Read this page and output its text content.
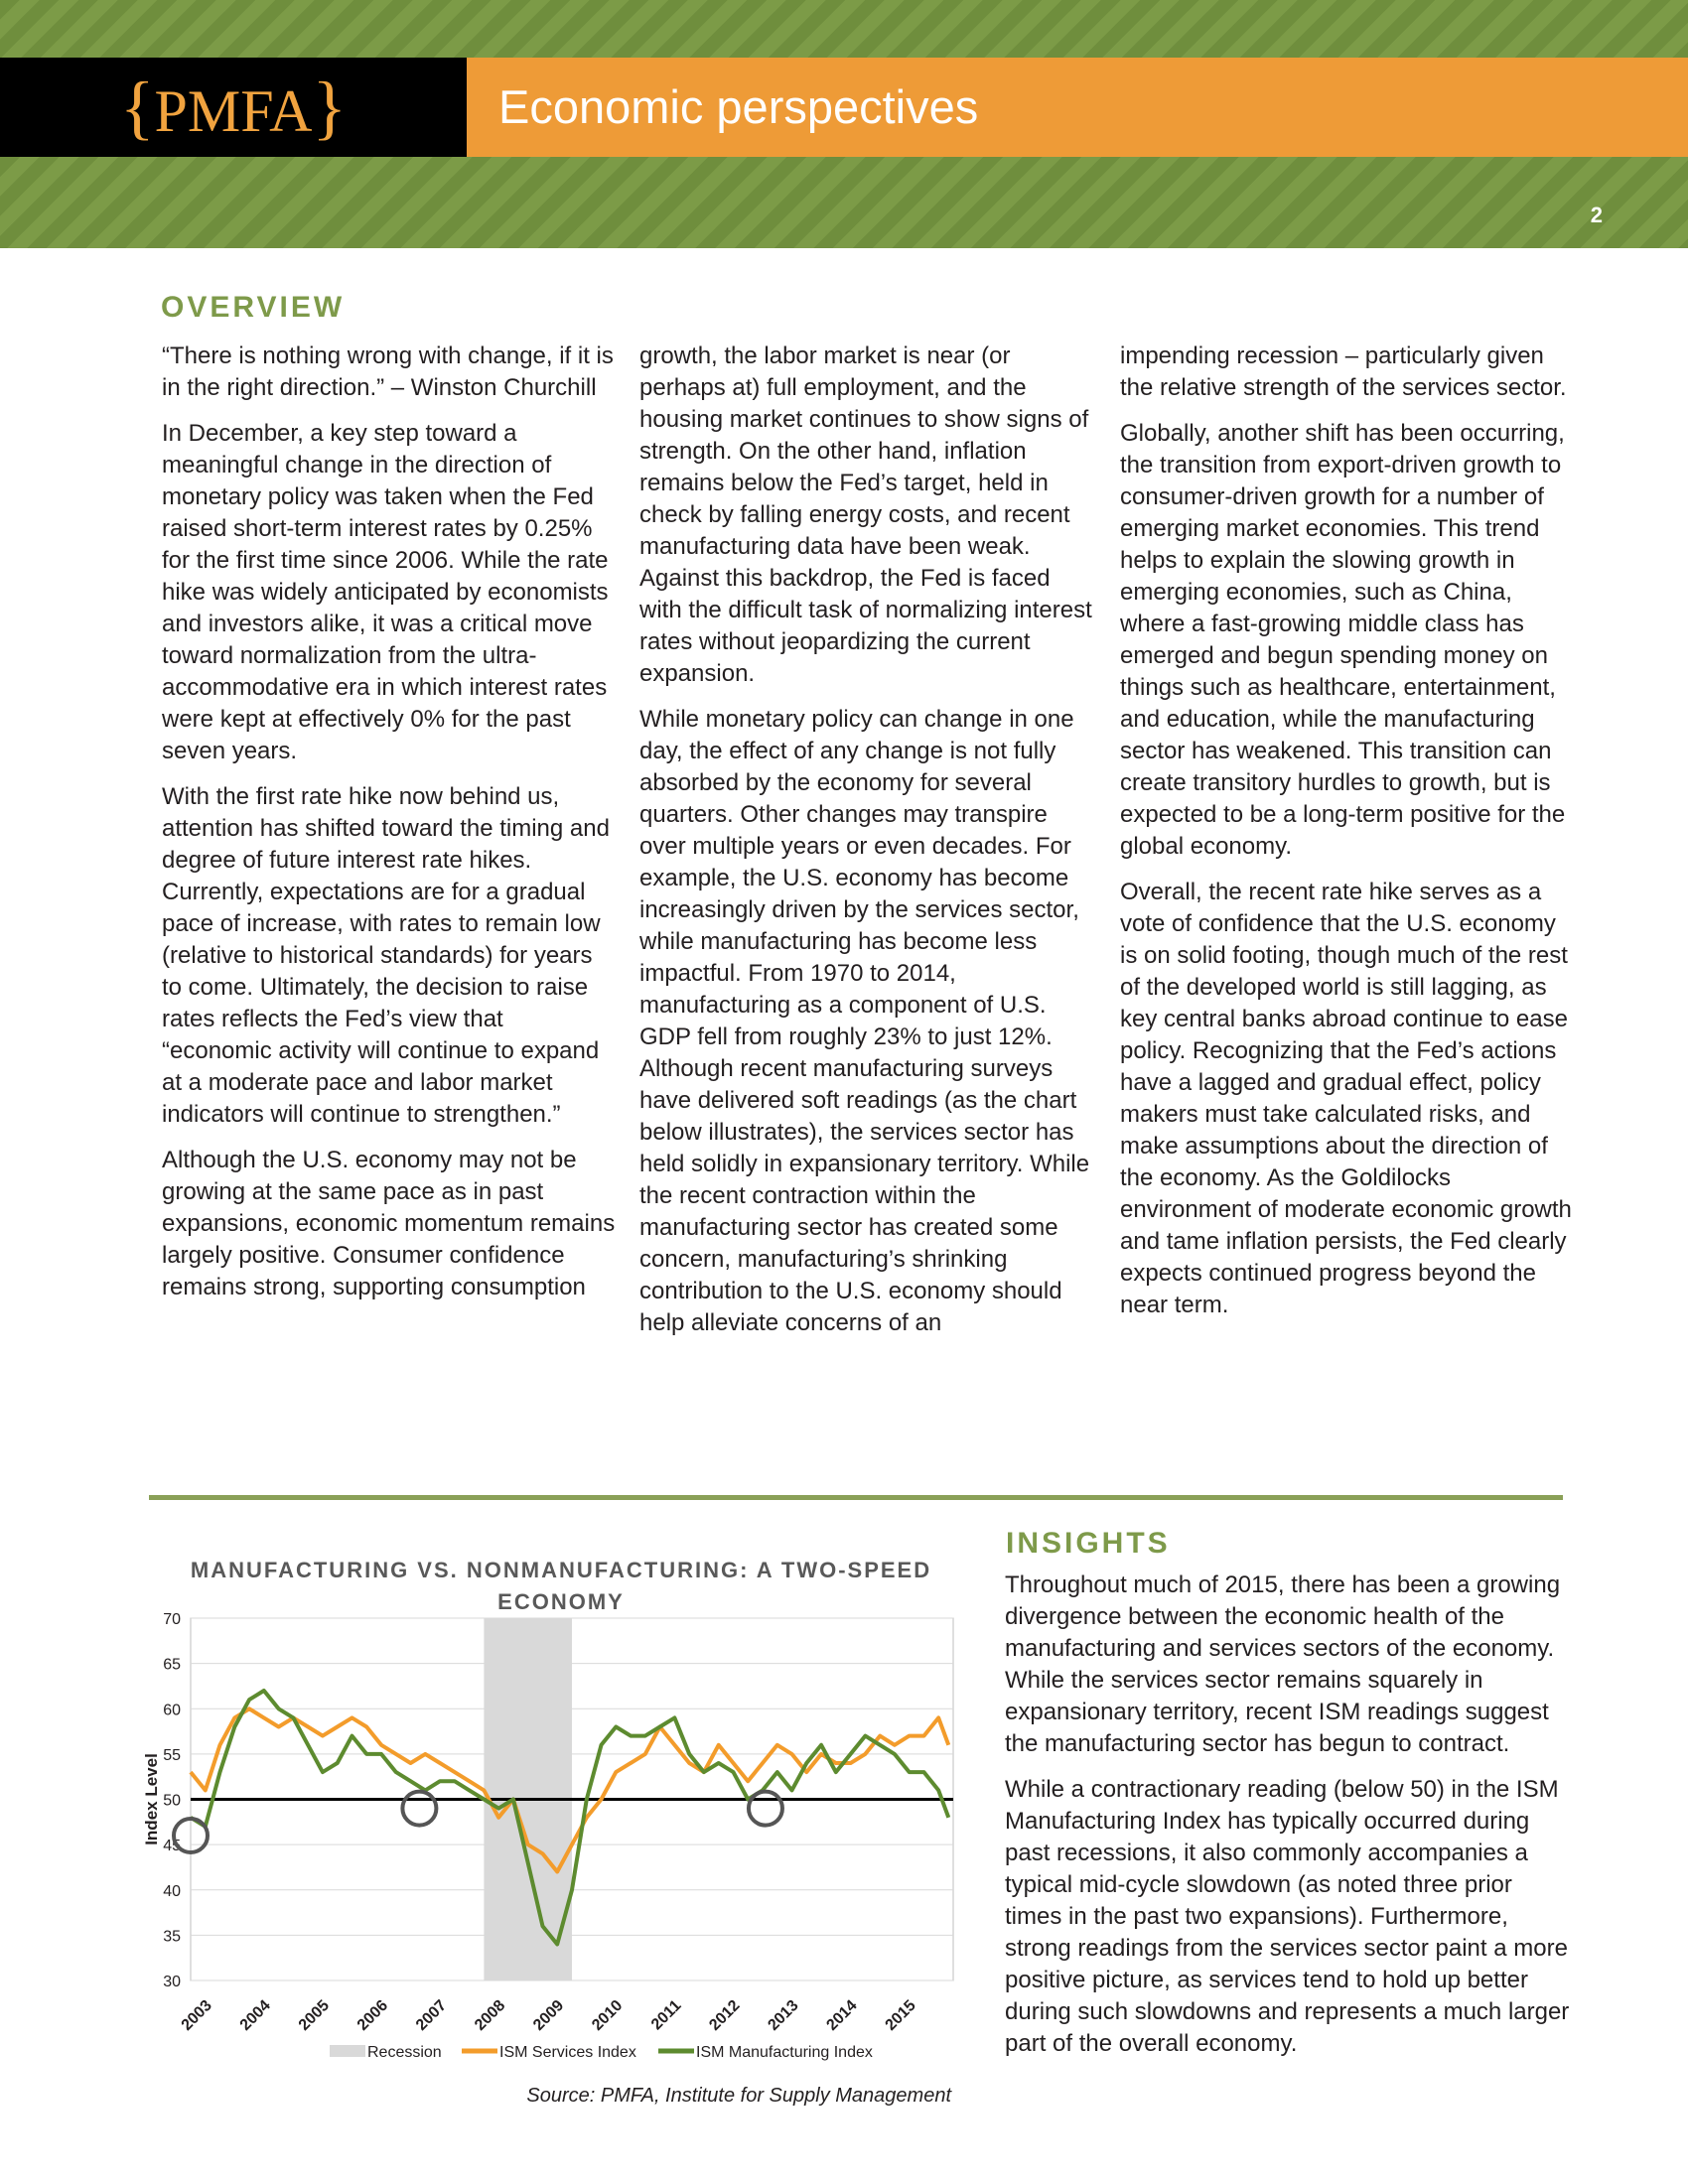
{PMFA}	Economic perspectives
2
OVERVIEW

“There is nothing wrong with change, if it is in the right direction.” – Winston Churchill

In December, a key step toward a meaningful change in the direction of monetary policy was taken when the Fed raised short-term interest rates by 0.25% for the first time since 2006. While the rate hike was widely anticipated by economists and investors alike, it was a critical move toward normalization from the ultra-accommodative era in which interest rates were kept at effectively 0% for the past seven years.

With the first rate hike now behind us, attention has shifted toward the timing and degree of future interest rate hikes. Currently, expectations are for a gradual pace of increase, with rates to remain low (relative to historical standards) for years to come. Ultimately, the decision to raise rates reflects the Fed’s view that “economic activity will continue to expand at a moderate pace and labor market indicators will continue to strengthen.”

Although the U.S. economy may not be growing at the same pace as in past expansions, economic momentum remains largely positive. Consumer confidence remains strong, supporting consumption

growth, the labor market is near (or perhaps at) full employment, and the housing market continues to show signs of strength. On the other hand, inflation remains below the Fed’s target, held in check by falling energy costs, and recent manufacturing data have been weak. Against this backdrop, the Fed is faced with the difficult task of normalizing interest rates without jeopardizing the current expansion.

While monetary policy can change in one day, the effect of any change is not fully absorbed by the economy for several quarters. Other changes may transpire over multiple years or even decades. For example, the U.S. economy has become increasingly driven by the services sector, while manufacturing has become less impactful. From 1970 to 2014, manufacturing as a component of U.S. GDP fell from roughly 23% to just 12%. Although recent manufacturing surveys have delivered soft readings (as the chart below illustrates), the services sector has held solidly in expansionary territory. While the recent contraction within the manufacturing sector has created some concern, manufacturing’s shrinking contribution to the U.S. economy should help alleviate concerns of an

impending recession – particularly given the relative strength of the services sector.

Globally, another shift has been occurring, the transition from export-driven growth to consumer-driven growth for a number of emerging market economies. This trend helps to explain the slowing growth in emerging economies, such as China, where a fast-growing middle class has emerged and begun spending money on things such as healthcare, entertainment, and education, while the manufacturing sector has weakened. This transition can create transitory hurdles to growth, but is expected to be a long-term positive for the global economy.

Overall, the recent rate hike serves as a vote of confidence that the U.S. economy is on solid footing, though much of the rest of the developed world is still lagging, as key central banks abroad continue to ease policy. Recognizing that the Fed’s actions have a lagged and gradual effect, policy makers must take calculated risks, and make assumptions about the direction of the economy. As the Goldilocks environment of moderate economic growth and tame inflation persists, the Fed clearly expects continued progress beyond the near term.

MANUFACTURING VS. NONMANUFACTURING: A TWO-SPEED ECONOMY
30
35
40
45
50
55
60
65
70
Index Level
2003 2004 2005 2006 2007 2008 2009 2010 2011 2012 2013 2014 2015
Recession	ISM Services Index	ISM Manufacturing Index
Source: PMFA, Institute for Supply Management
INSIGHTS

Throughout much of 2015, there has been a growing divergence between the economic health of the manufacturing and services sectors of the economy. While the services sector remains squarely in expansionary territory, recent ISM readings suggest the manufacturing sector has begun to contract.

While a contractionary reading (below 50) in the ISM Manufacturing Index has typically occurred during past recessions, it also commonly accompanies a typical mid-cycle slowdown (as noted three prior times in the past two expansions). Furthermore, strong readings from the services sector paint a more positive picture, as services tend to hold up better during such slowdowns and represents a much larger part of the overall economy.
